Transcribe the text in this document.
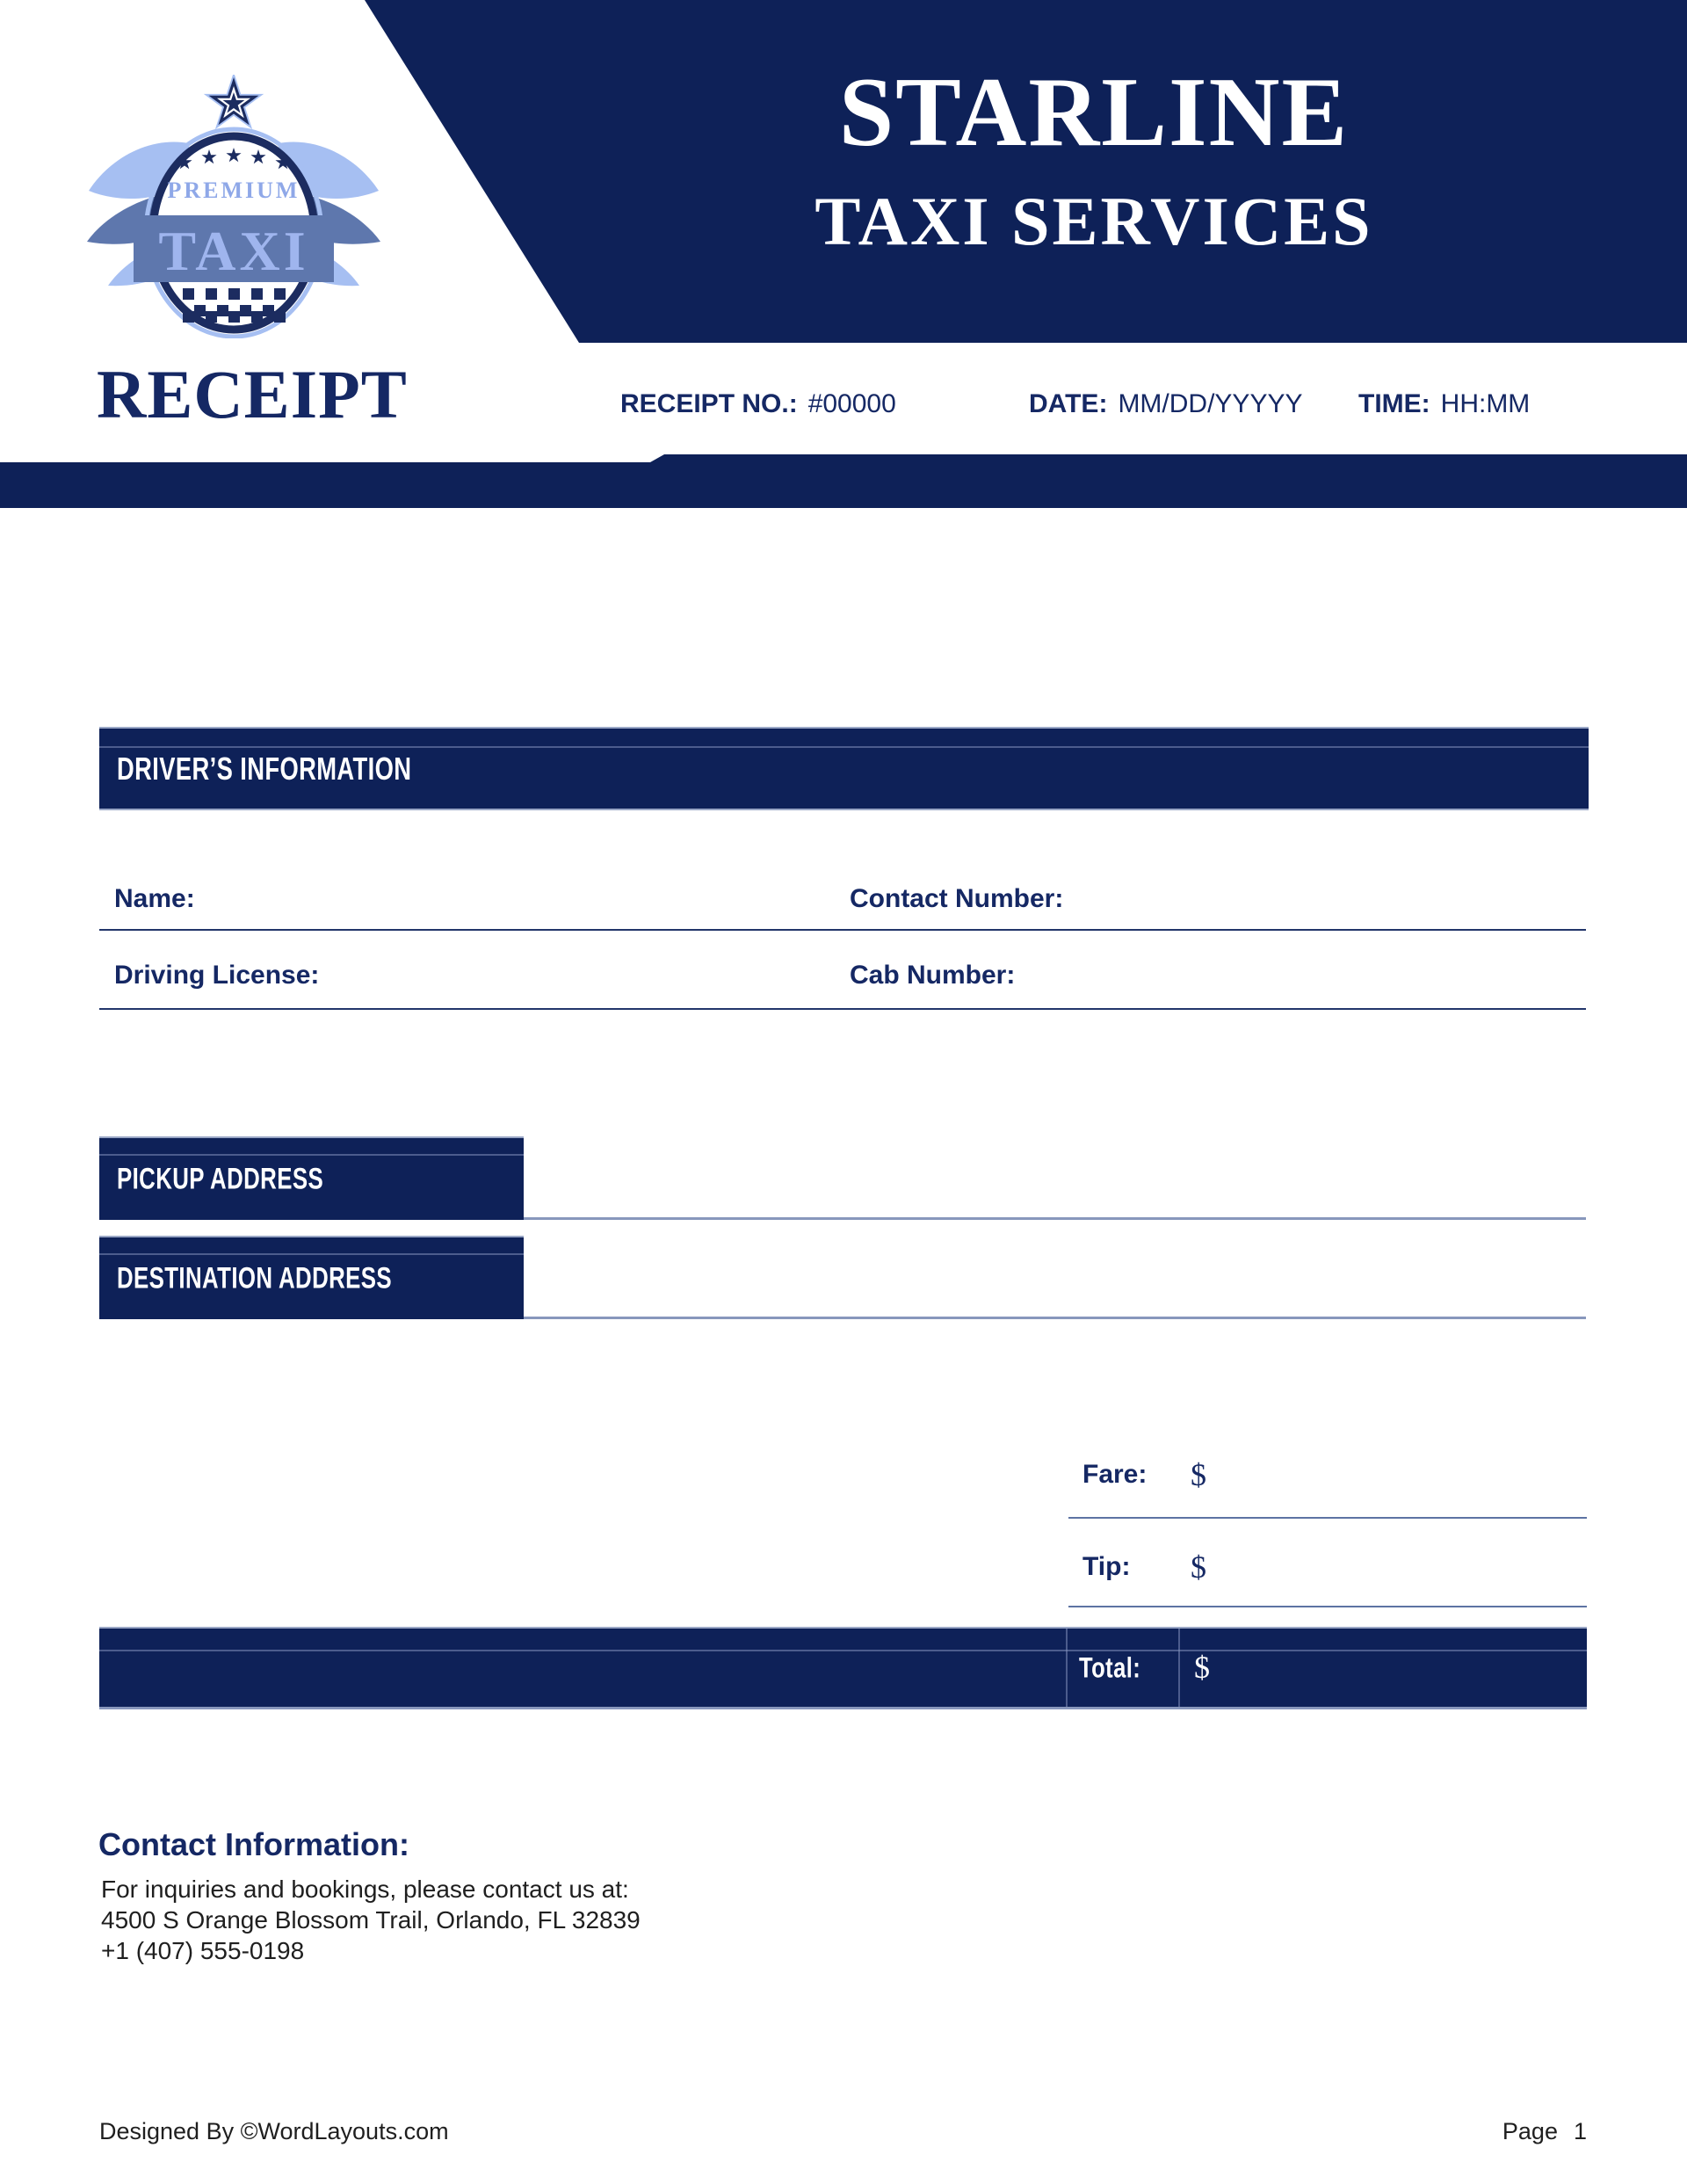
STARLINE
TAXI SERVICES
PREMIUM
TAXI
RECEIPT	RECEIPT NO.: #00000	DATE: MM/DD/YYYYY TIME: HH:MM
DRIVER’S INFORMATION
Name:	Contact Number:
Driving License:	Cab Number:
PICKUP ADDRESS
DESTINATION ADDRESS
Fare: $
Tip: $
Total: $
Contact Information:
For inquiries and bookings, please contact us at:
4500 S Orange Blossom Trail, Orlando, FL 32839
+1 (407) 555-0198
Designed By ©WordLayouts.com	Page 1
